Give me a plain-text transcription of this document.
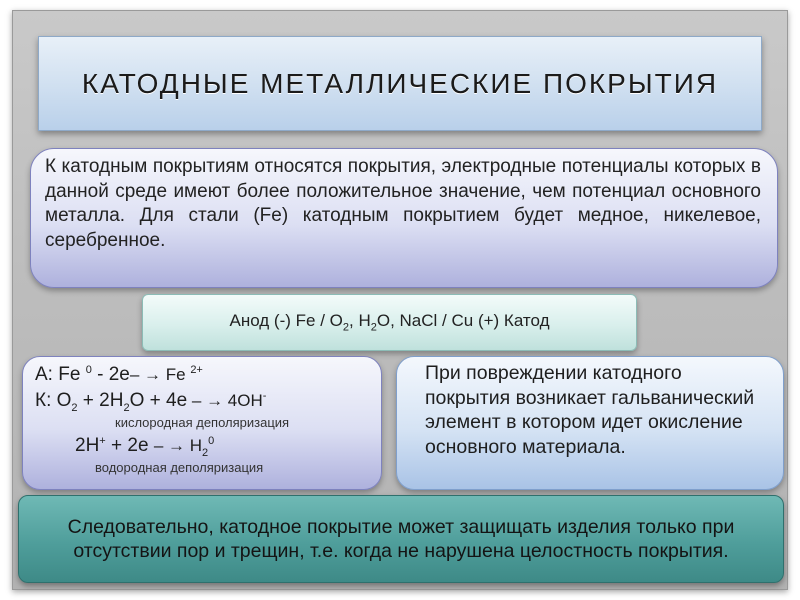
КАТОДНЫЕ МЕТАЛЛИЧЕСКИЕ ПОКРЫТИЯ

К катодным покрытиям относятся покрытия, электродные потенциалы которых в данной среде имеют более положительное значение, чем потенциал основного металла. Для стали (Fe) катодным покрытием будет медное, никелевое, серебренное.

Анод (-) Fe / $O_2$, $H_2O$, NaCl / Cu (+) Катод
А: Fe $^0$ - 2е– → Fe $^{2+}$
К: $O_2 + 2H_2O + 4e$ – → 4OH-
кислородная деполяризация
2H+ + 2e – → $H_2^0$
водородная деполяризация

При повреждении катодного покрытия возникает гальванический элемент в котором идет окисление основного материала.

Следовательно, катодное покрытие может защищать изделия только при отсутствии пор и трещин, т.е. когда не нарушена целостность покрытия.
